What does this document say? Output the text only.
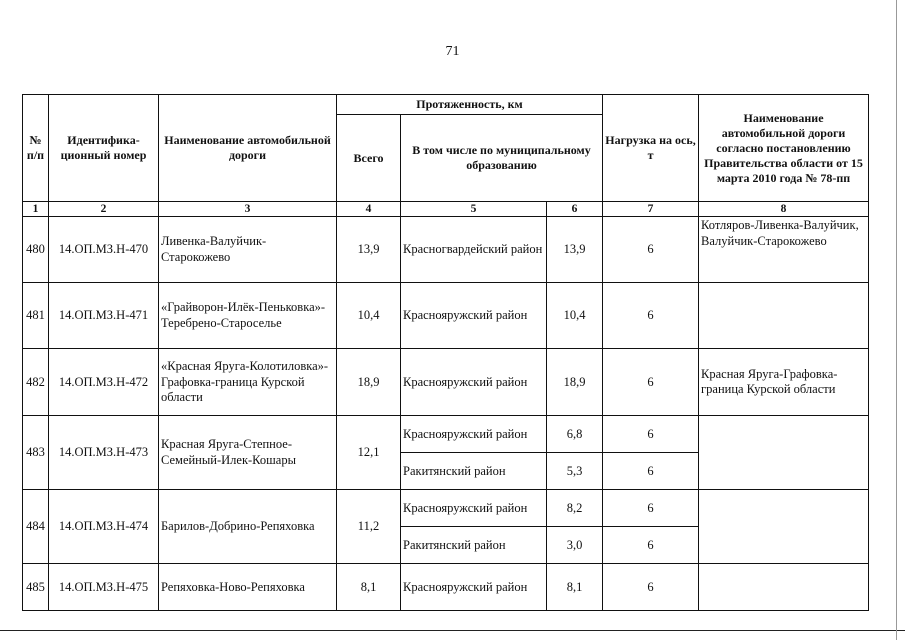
71
№ п/п	Идентифика-ционный номер	Наименование автомобильной дороги	Протяженность, км			Нагрузка на ось, т	Наименование автомобильной дороги согласно постановлению Правительства области от 15 марта 2010 года № 78-пп
			Всего	В том числе по муниципальному образованию			
1	2	3	4	5	6	7	8
480	14.ОП.МЗ.Н-470	Ливенка-Валуйчик-Старокожево	13,9	Красногвардейский район	13,9	6	Котляров-Ливенка-Валуйчик, Валуйчик-Старокожево
481	14.ОП.МЗ.Н-471	«Грайворон-Илёк-Пеньковка»-Теребрено-Староселье	10,4	Краснояружский район	10,4	6	
482	14.ОП.МЗ.Н-472	«Красная Яруга-Колотиловка»-Графовка-граница Курской области	18,9	Краснояружский район	18,9	6	Красная Яруга-Графовка-граница Курской области
483	14.ОП.МЗ.Н-473	Красная Яруга-Степное-Семейный-Илек-Кошары	12,1	Краснояружский район	6,8	6	
				Ракитянский район	5,3	6	
484	14.ОП.МЗ.Н-474	Барилов-Добрино-Репяховка	11,2	Краснояружский район	8,2	6	
				Ракитянский район	3,0	6	
485	14.ОП.МЗ.Н-475	Репяховка-Ново-Репяховка	8,1	Краснояружский район	8,1	6	
